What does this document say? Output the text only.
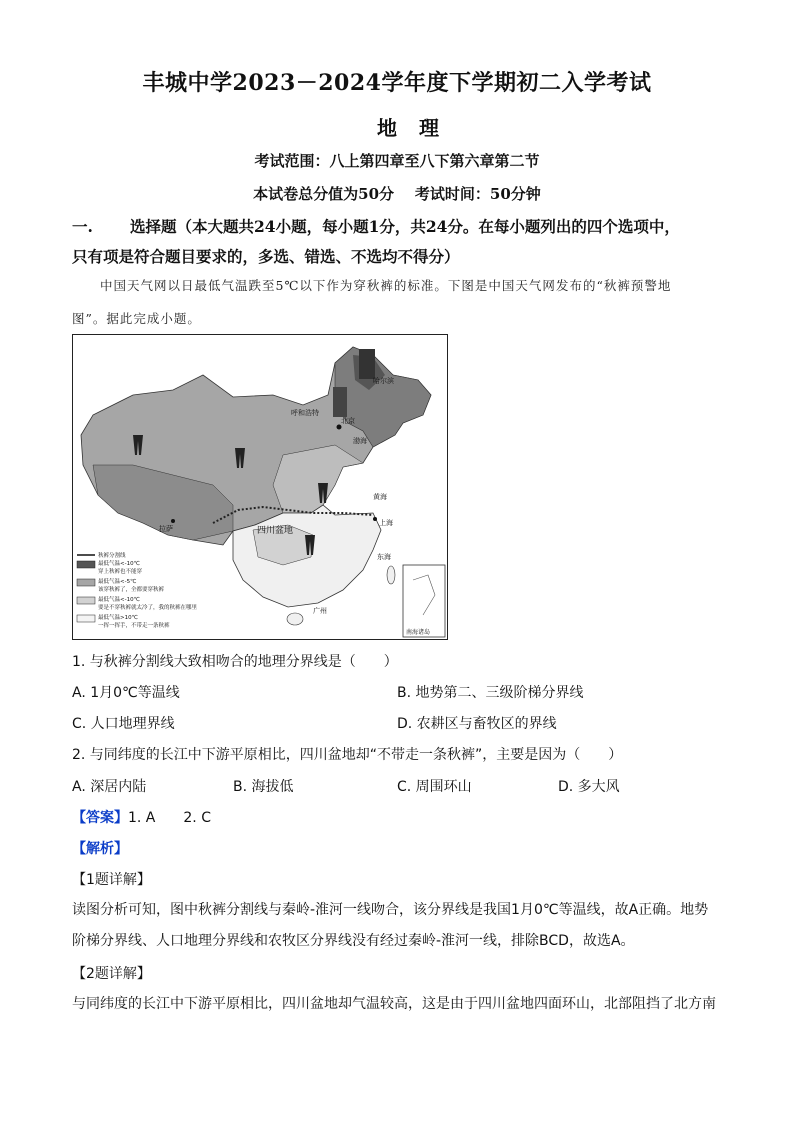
丰城中学2023－2024学年度下学期初二入学考试
地理
考试范围：八上第四章至八下第六章第二节
本试卷总分值为50分    考试时间：50分钟
一. 选择题（本大题共24小题，每小题1分，共24分。在每小题列出的四个选项中，
只有项是符合题目要求的，多选、错选、不选均不得分）
中国天气网以日最低气温跌至5℃以下作为穿秋裤的标准。下图是中国天气网发布的“秋裤预警地
图”。据此完成小题。
哈尔滨
呼和浩特
北京
渤海
黄海
拉萨	四川盆地
上海
东海
广州
南海诸岛
秋裤分割线
最低气温<-10℃
穿上秋裤也不能穿
最低气温<-5℃
该穿秋裤了，全都要穿秋裤
最低气温<-10℃
要是不穿秋裤就太冷了，我的秋裤在哪里
最低气温>10℃
一挥一挥手，不带走一条秋裤
1. 与秋裤分割线大致相吻合的地理分界线是（　　）
A. 1月0℃等温线	B. 地势第二、三级阶梯分界线
C. 人口地理界线	D. 农耕区与畜牧区的界线
2. 与同纬度的长江中下游平原相比，四川盆地却“不带走一条秋裤”，主要是因为（　　）
A. 深居内陆	B. 海拔低	C. 周围环山	D. 多大风
【答案】1. A　　2. C
【解析】
【1题详解】
读图分析可知，图中秋裤分割线与秦岭-淮河一线吻合，该分界线是我国1月0℃等温线，故A正确。地势
阶梯分界线、人口地理分界线和农牧区分界线没有经过秦岭-淮河一线，排除BCD，故选A。
【2题详解】
与同纬度的长江中下游平原相比，四川盆地却气温较高，这是由于四川盆地四面环山，北部阻挡了北方南
